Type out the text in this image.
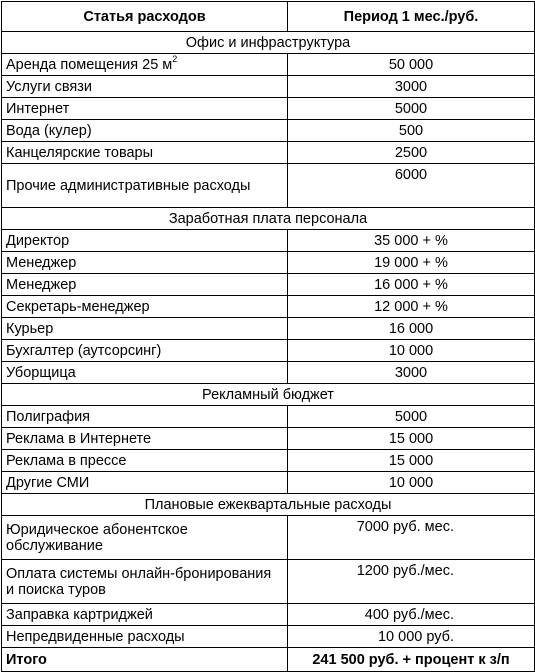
Статья расходов	Период 1 мес./руб.
Офис и инфраструктура	
Аренда помещения 25 $м^2$	50 000
Услуги связи	3000
Интернет	5000
Вода (кулер)	500
Канцелярские товары	2500
Прочие административные расходы	6000
Заработная плата персонала	
Директор	35 000 + %
Менеджер	19 000 + %
Менеджер	16 000 + %
Секретарь-менеджер	12 000 + %
Курьер	16 000
Бухгалтер (аутсорсинг)	10 000
Уборщица	3000
Рекламный бюджет	
Полиграфия	5000
Реклама в Интернете	15 000
Реклама в прессе	15 000
Другие СМИ	10 000
Плановые ежеквартальные расходы	
Юридическое абонентское обслуживание	7000 руб. мес.
Оплата системы онлайн-бронирования и поиска туров	1200 руб./мес.
Заправка картриджей	400 руб./мес.
Непредвиденные расходы	10 000 руб.
Итого	241 500 руб. + процент к з/п
